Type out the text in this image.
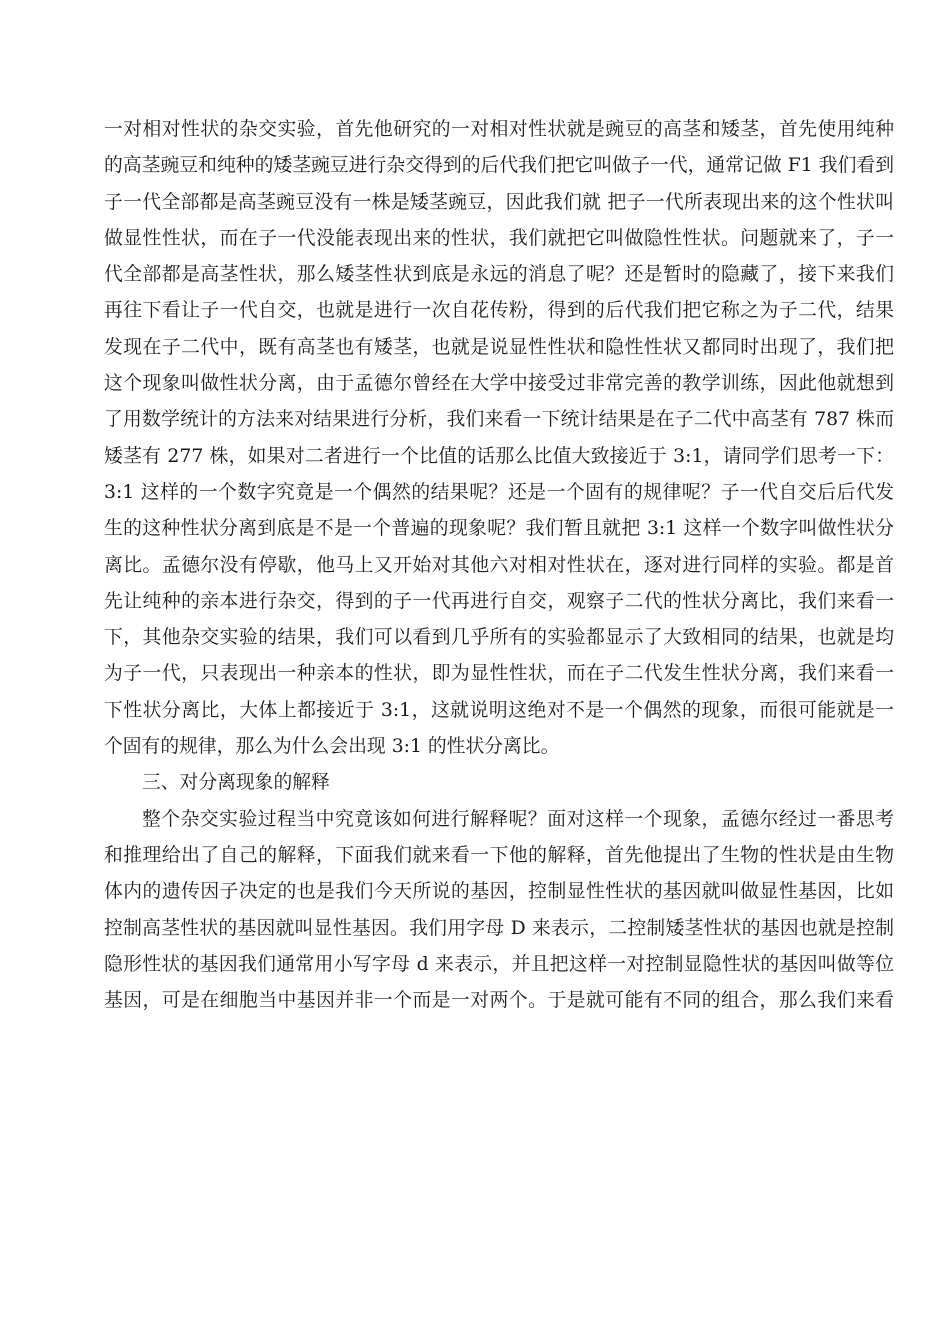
一对相对性状的杂交实验，首先他研究的一对相对性状就是豌豆的高茎和矮茎，首先使用纯种
的高茎豌豆和纯种的矮茎豌豆进行杂交得到的后代我们把它叫做子一代，通常记做 F1 我们看到
子一代全部都是高茎豌豆没有一株是矮茎豌豆，因此我们就 把子一代所表现出来的这个性状叫
做显性性状，而在子一代没能表现出来的性状，我们就把它叫做隐性性状。问题就来了，子一
代全部都是高茎性状，那么矮茎性状到底是永远的消息了呢？还是暂时的隐藏了，接下来我们
再往下看让子一代自交，也就是进行一次自花传粉，得到的后代我们把它称之为子二代，结果
发现在子二代中，既有高茎也有矮茎，也就是说显性性状和隐性性状又都同时出现了，我们把
这个现象叫做性状分离，由于孟德尔曾经在大学中接受过非常完善的教学训练，因此他就想到
了用数学统计的方法来对结果进行分析，我们来看一下统计结果是在子二代中高茎有 787 株而
矮茎有 277 株，如果对二者进行一个比值的话那么比值大致接近于 3:1，请同学们思考一下：
3:1 这样的一个数字究竟是一个偶然的结果呢？还是一个固有的规律呢？子一代自交后后代发
生的这种性状分离到底是不是一个普遍的现象呢？我们暂且就把 3:1 这样一个数字叫做性状分
离比。孟德尔没有停歇，他马上又开始对其他六对相对性状在，逐对进行同样的实验。都是首
先让纯种的亲本进行杂交，得到的子一代再进行自交，观察子二代的性状分离比，我们来看一
下，其他杂交实验的结果，我们可以看到几乎所有的实验都显示了大致相同的结果，也就是均
为子一代，只表现出一种亲本的性状，即为显性性状，而在子二代发生性状分离，我们来看一
下性状分离比，大体上都接近于 3:1，这就说明这绝对不是一个偶然的现象，而很可能就是一
个固有的规律，那么为什么会出现 3:1 的性状分离比。
三、对分离现象的解释
整个杂交实验过程当中究竟该如何进行解释呢？面对这样一个现象，孟德尔经过一番思考
和推理给出了自己的解释，下面我们就来看一下他的解释，首先他提出了生物的性状是由生物
体内的遗传因子决定的也是我们今天所说的基因，控制显性性状的基因就叫做显性基因，比如
控制高茎性状的基因就叫显性基因。我们用字母 D 来表示，二控制矮茎性状的基因也就是控制
隐形性状的基因我们通常用小写字母 d 来表示，并且把这样一对控制显隐性状的基因叫做等位
基因，可是在细胞当中基因并非一个而是一对两个。于是就可能有不同的组合，那么我们来看
